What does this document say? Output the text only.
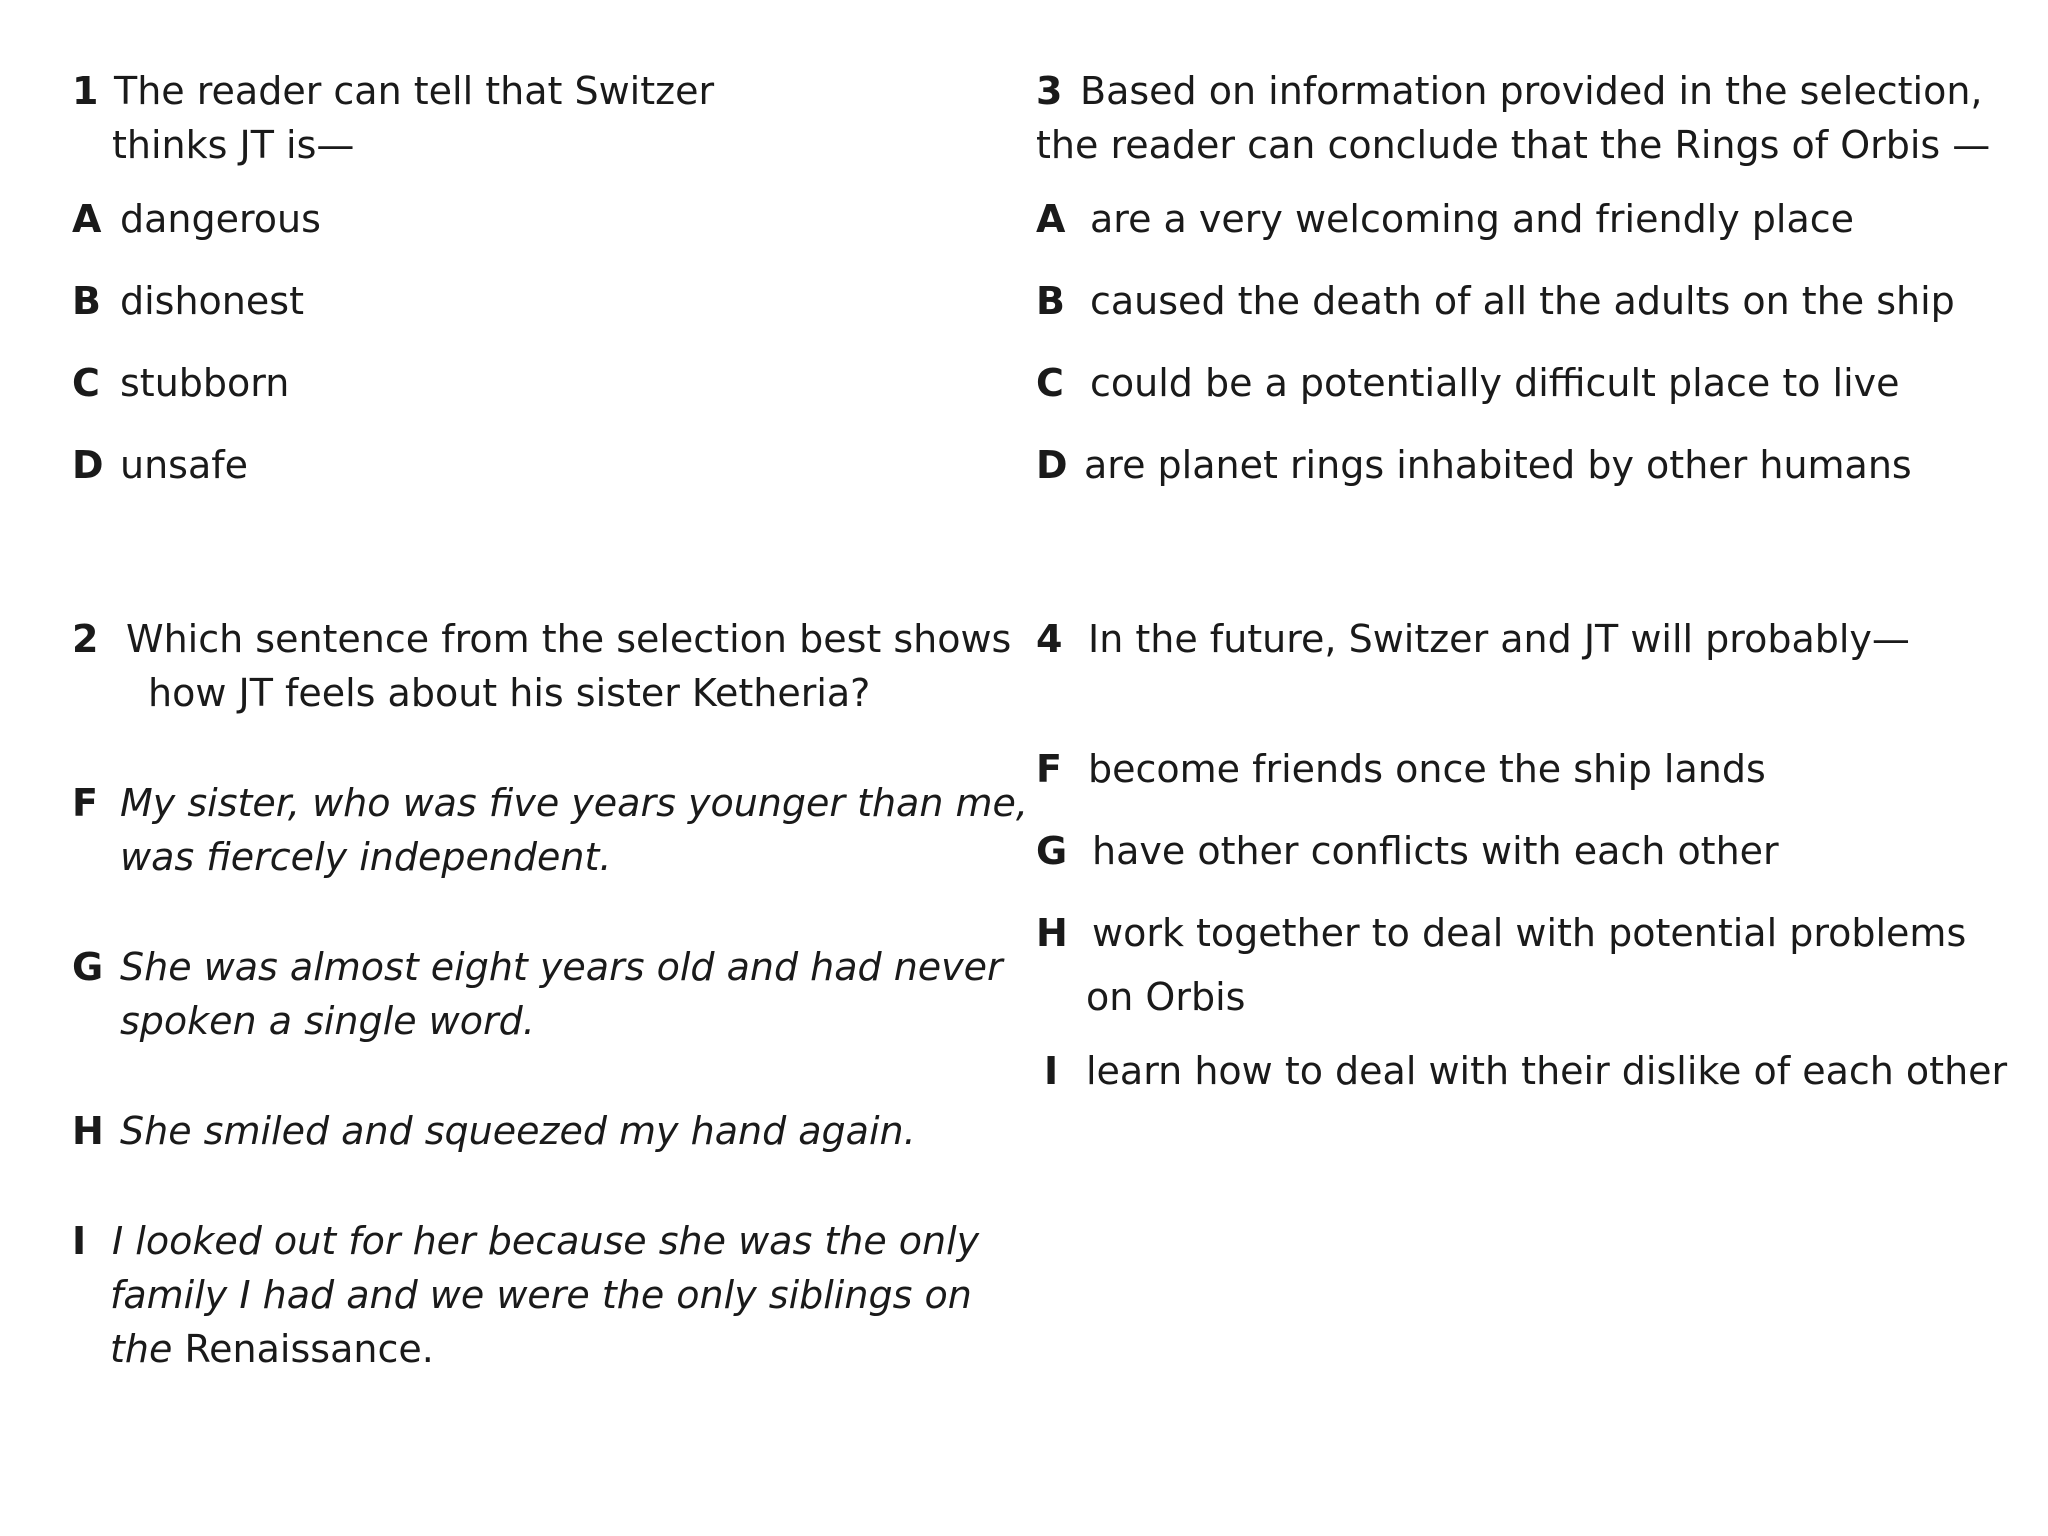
1 The reader can tell that Switzer
thinks JT is—
A dangerous
B dishonest
C stubborn
D unsafe
2 Which sentence from the selection best shows
how JT feels about his sister Ketheria?
F My sister, who was five years younger than me,
was fiercely independent.
G She was almost eight years old and had never
spoken a single word.
H She smiled and squeezed my hand again.
I I looked out for her because she was the only
family I had and we were the only siblings on
the Renaissance.
3 Based on information provided in the selection,
the reader can conclude that the Rings of Orbis —
A are a very welcoming and friendly place
B caused the death of all the adults on the ship
C could be a potentially difficult place to live
D are planet rings inhabited by other humans
4 In the future, Switzer and JT will probably—
F become friends once the ship lands
G have other conflicts with each other
H work together to deal with potential problems
on Orbis
I learn how to deal with their dislike of each other
